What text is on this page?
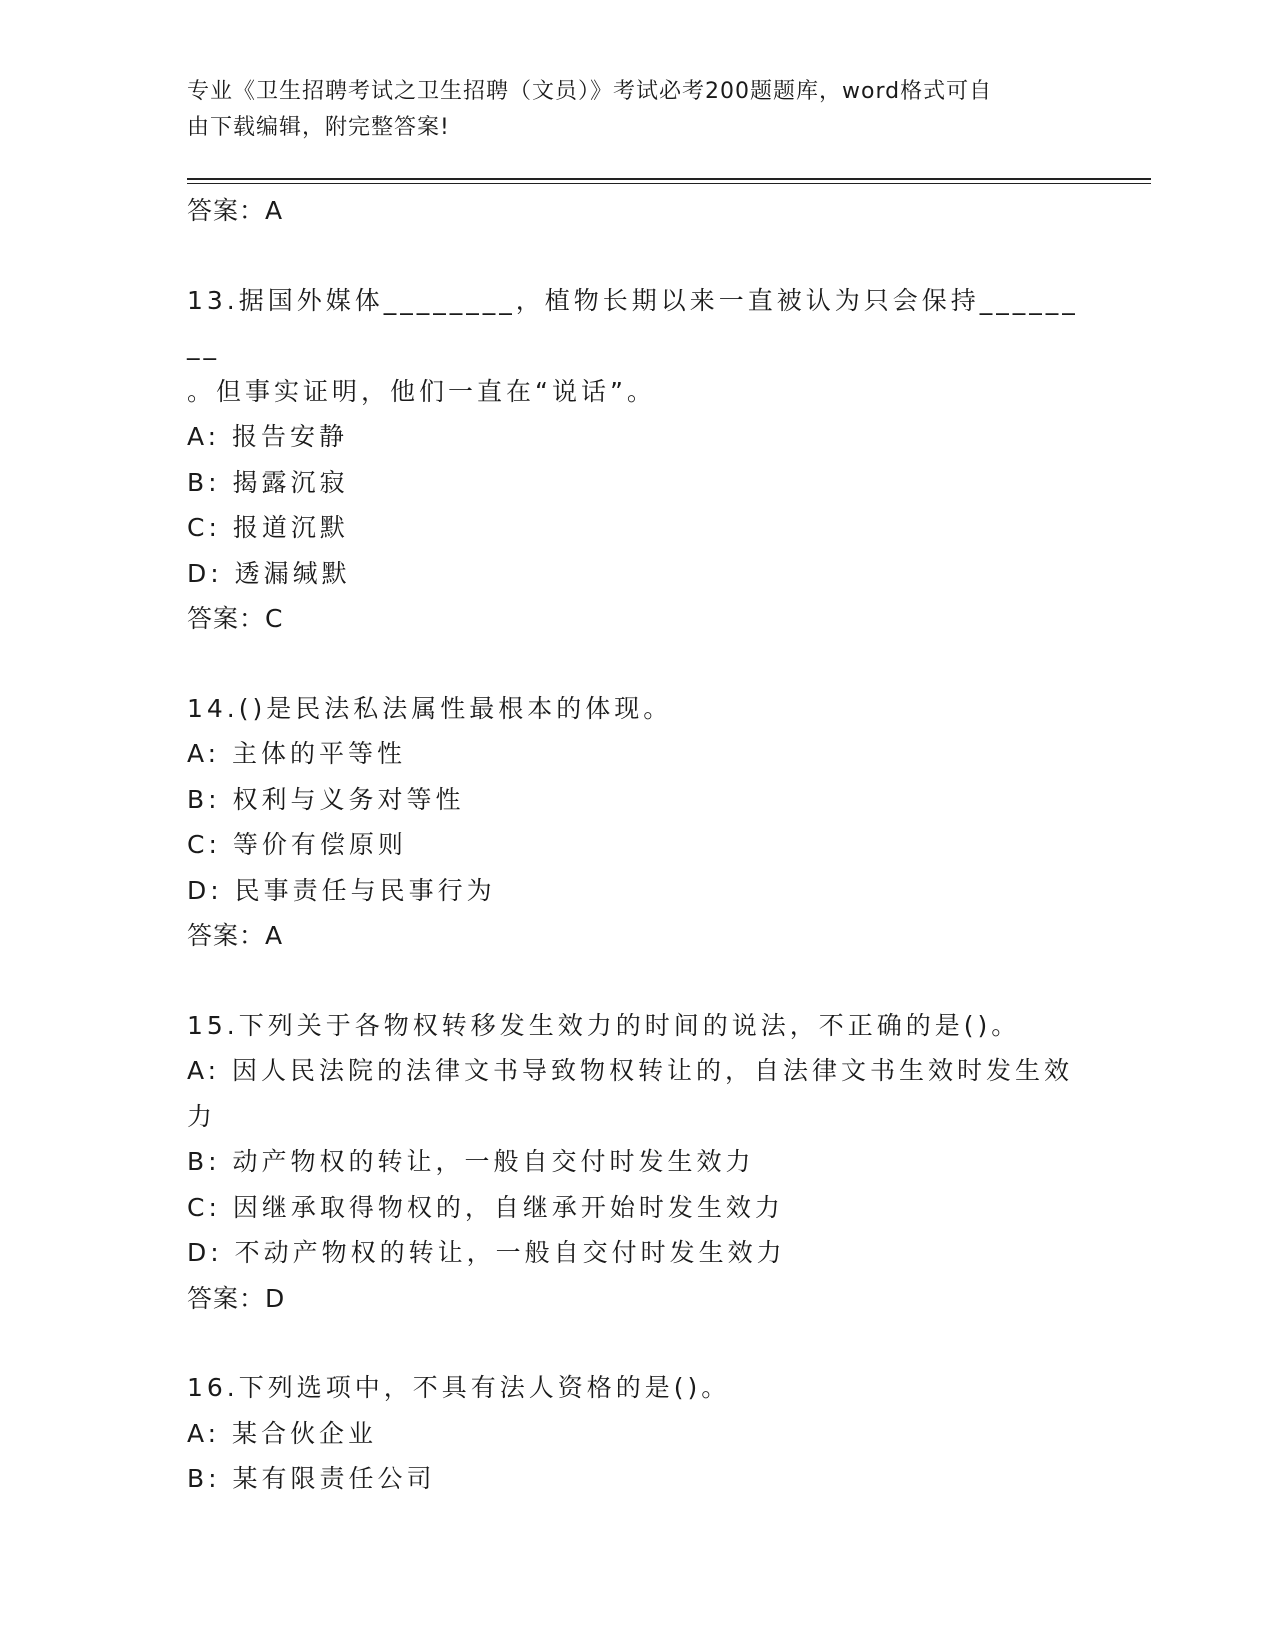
专业《卫生招聘考试之卫生招聘（文员）》考试必考200题题库，word格式可自
由下载编辑，附完整答案!
答案：A
13.据国外媒体________，植物长期以来一直被认为只会保持________
。但事实证明，他们一直在“说话”。
A: 报告安静
B: 揭露沉寂
C: 报道沉默
D: 透漏缄默
答案：C
14.()是民法私法属性最根本的体现。
A: 主体的平等性
B: 权利与义务对等性
C: 等价有偿原则
D: 民事责任与民事行为
答案：A
15.下列关于各物权转移发生效力的时间的说法，不正确的是()。
A: 因人民法院的法律文书导致物权转让的，自法律文书生效时发生效
力
B: 动产物权的转让，一般自交付时发生效力
C: 因继承取得物权的，自继承开始时发生效力
D: 不动产物权的转让，一般自交付时发生效力
答案：D
16.下列选项中，不具有法人资格的是()。
A: 某合伙企业
B: 某有限责任公司
